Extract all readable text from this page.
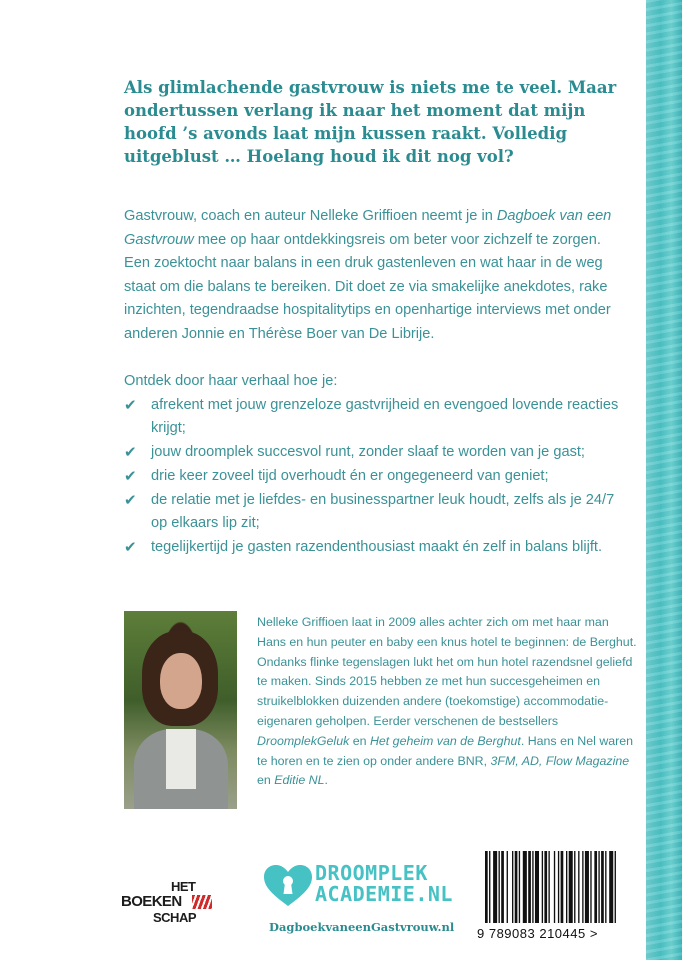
Als glimlachende gastvrouw is niets me te veel. Maar ondertussen verlang ik naar het moment dat mijn hoofd ’s avonds laat mijn kussen raakt. Volledig uitgeblust … Hoelang houd ik dit nog vol?

Gastvrouw, coach en auteur Nelleke Griffioen neemt je in Dagboek van een Gastvrouw mee op haar ontdekkingsreis om beter voor zichzelf te zorgen. Een zoektocht naar balans in een druk gastenleven en wat haar in de weg staat om die balans te bereiken. Dit doet ze via smakelijke anekdotes, rake inzichten, tegendraadse hospitalitytips en openhartige interviews met onder anderen Jonnie en Thérèse Boer van De Librije.

Ontdek door haar verhaal hoe je:

✔ afrekent met jouw grenzeloze gastvrijheid en evengoed lovende reacties krijgt;
✔ jouw droomplek succesvol runt, zonder slaaf te worden van je gast;
✔ drie keer zoveel tijd overhoudt én er ongegeneerd van geniet;
✔ de relatie met je liefdes- en businesspartner leuk houdt, zelfs als je 24/7 op elkaars lip zit;
✔ tegelijkertijd je gasten razendenthousiast maakt én zelf in balans blijft.

Nelleke Griffioen laat in 2009 alles achter zich om met haar man Hans en hun peuter en baby een knus hotel te beginnen: de Berghut. Ondanks flinke tegenslagen lukt het om hun hotel razendsnel geliefd te maken. Sinds 2015 hebben ze met hun succesgeheimen en struikelblokken duizenden andere (toekomstige) accommodatie-eigenaren geholpen. Eerder verschenen de bestsellers DroomplekGeluk en Het geheim van de Berghut. Hans en Nel waren te horen en te zien op onder andere BNR, 3FM, AD, Flow Magazine en Editie NL.

HET
BOEKEN
SCHAP
DROOMPLEK
ACADEMIE.NL
DagboekvaneenGastvrouw.nl 9 789083 210445 >
